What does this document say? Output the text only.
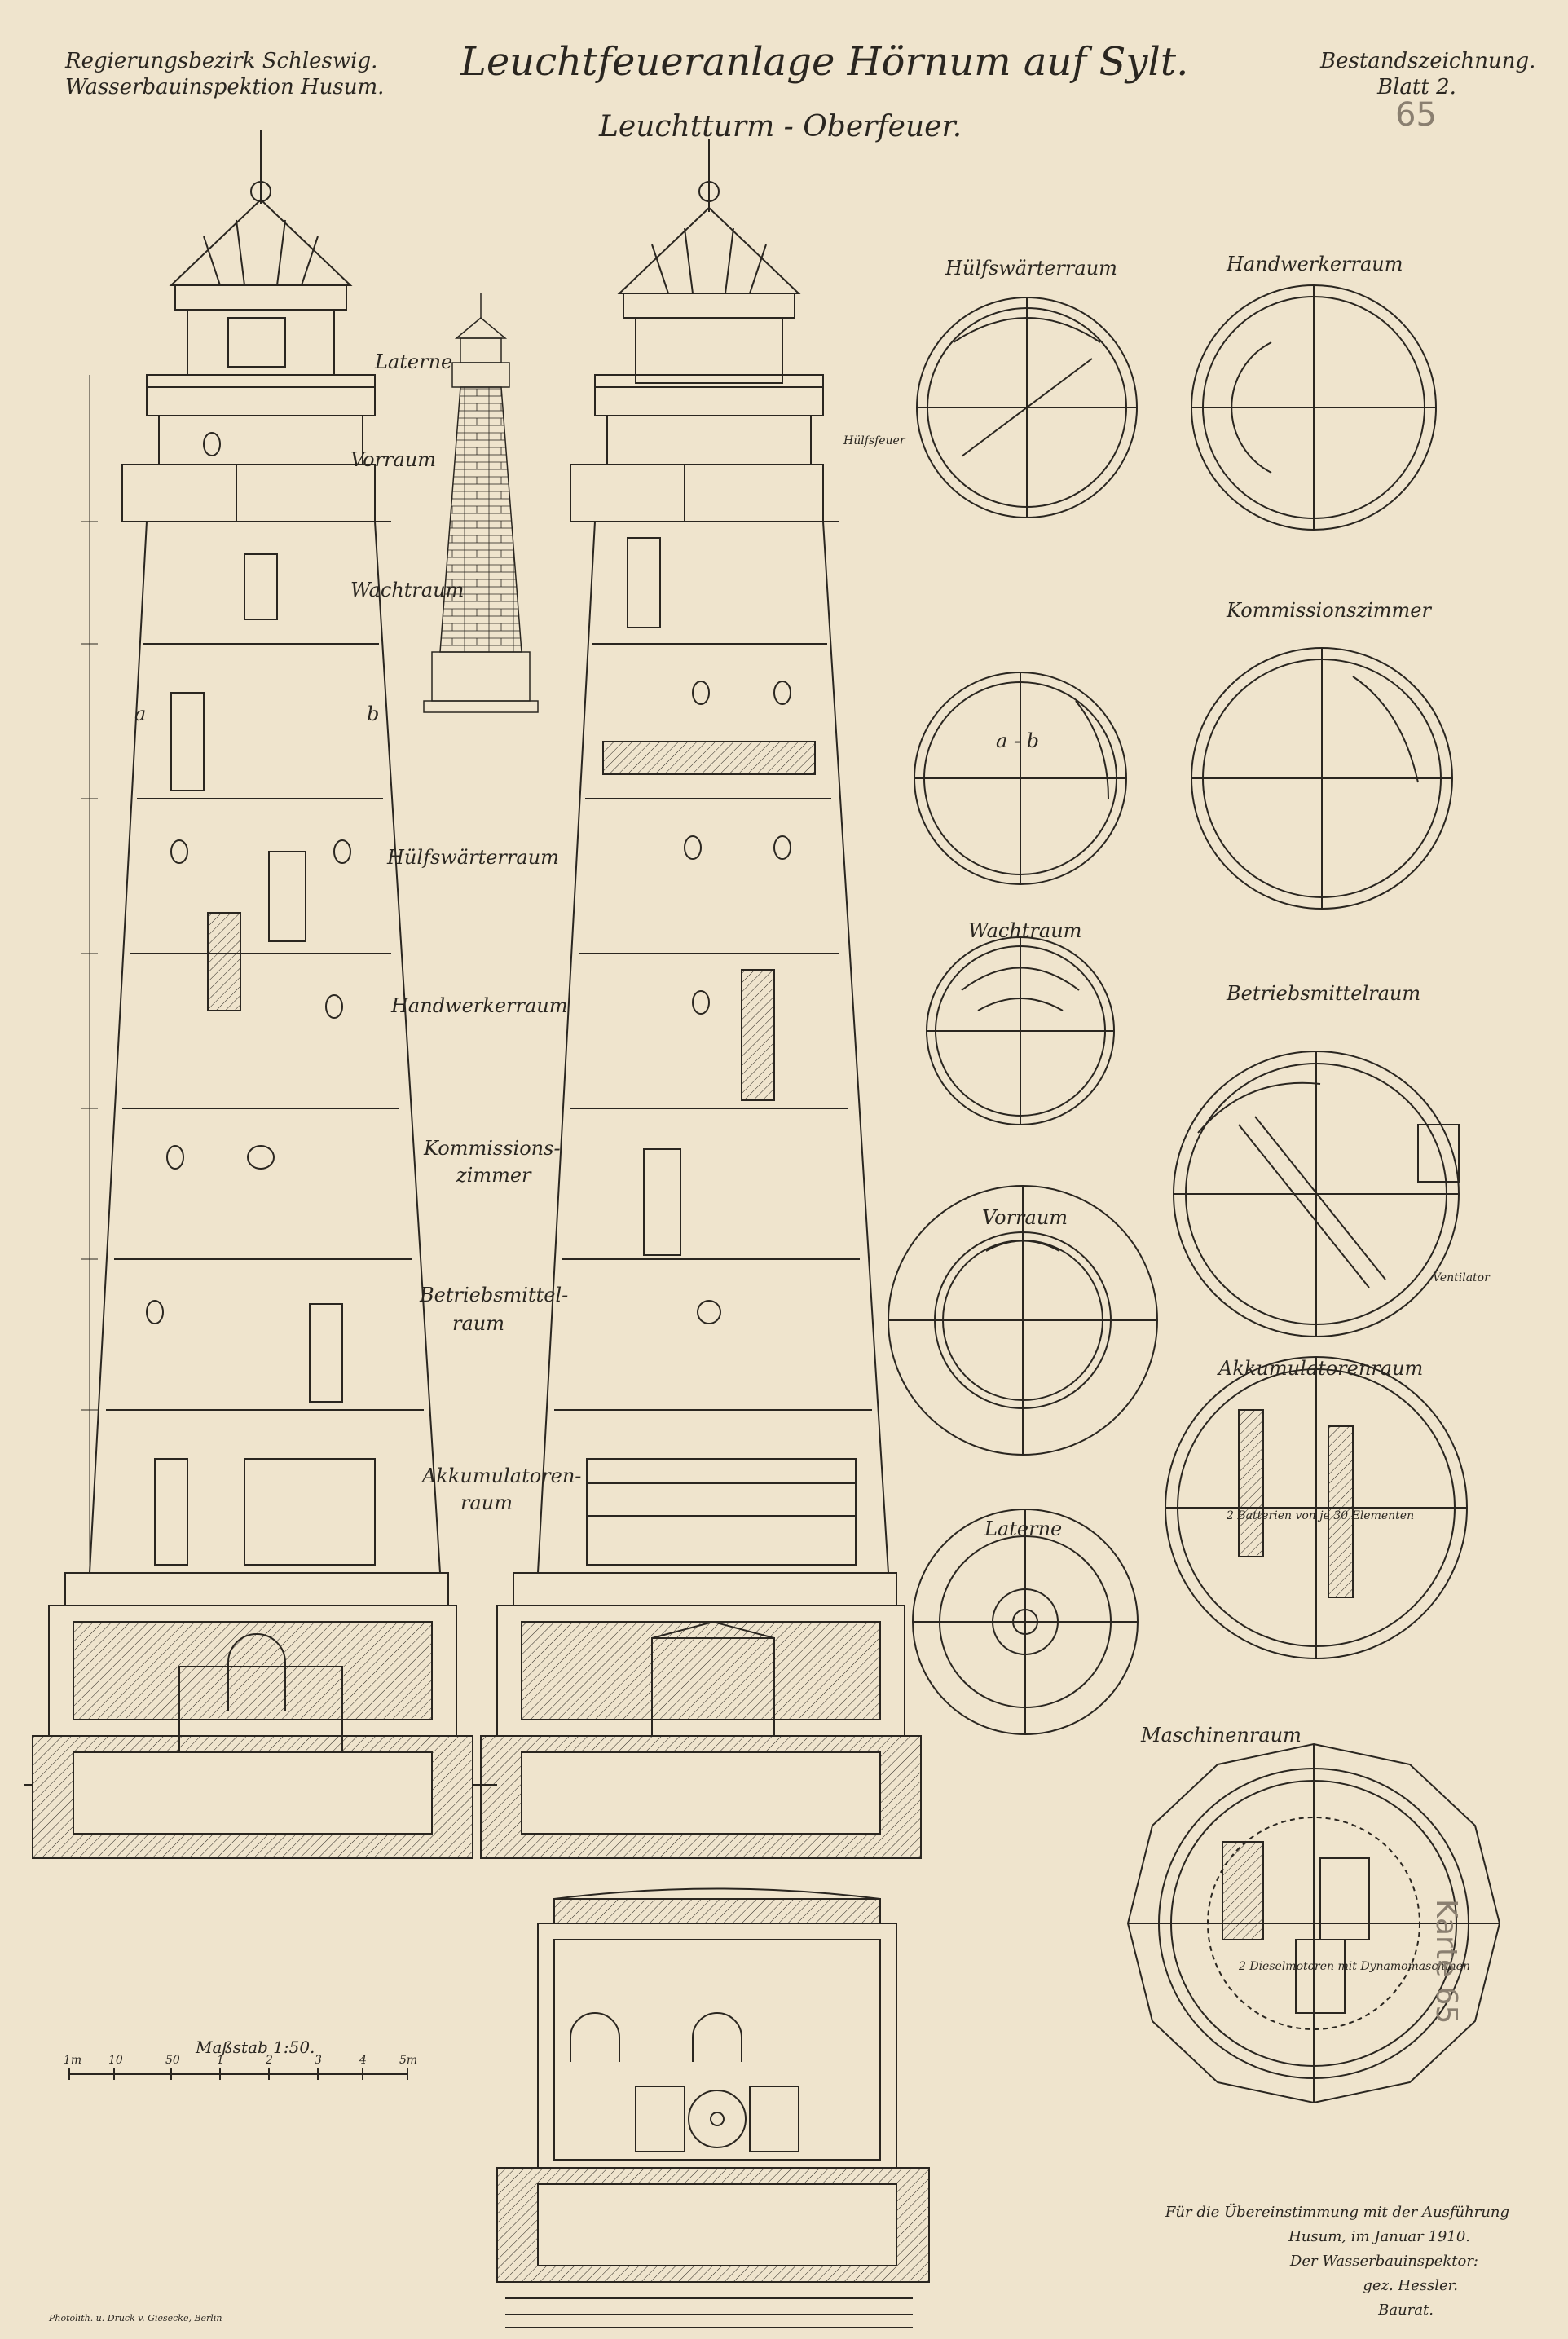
Leuchtfeueranlage Hörnum auf Sylt.
Leuchtturm - Oberfeuer.
Regierungsbezirk Schleswig.
Wasserbauinspektion Husum.
Bestandszeichnung.
Blatt 2.
65
Laterne
Vorraum
Wachtraum
Hülfswärterraum
Handwerkerraum
Kommissions-
zimmer
Betriebsmittel-
raum
Akkumulatoren-
raum
a	b
Hülfswärterraum	Handwerkerraum
Kommissionszimmer
a - b
Wachtraum
Betriebsmittelraum
Vorraum
Akkumulatorenraum
Laterne
Maschinenraum
Hülfsfeuer
Ventilator
2 Batterien von je 30 Elementen
2 Dieselmotoren mit Dynamomaschinen
Maßstab 1:50.
1m 10	50	1	2	3	4	5m
Für die Übereinstimmung mit der Ausführung
Husum, im Januar 1910.
Der Wasserbauinspektor:
gez. Hessler.
Baurat.
Photolith. u. Druck v. Giesecke, Berlin
Karte 65
